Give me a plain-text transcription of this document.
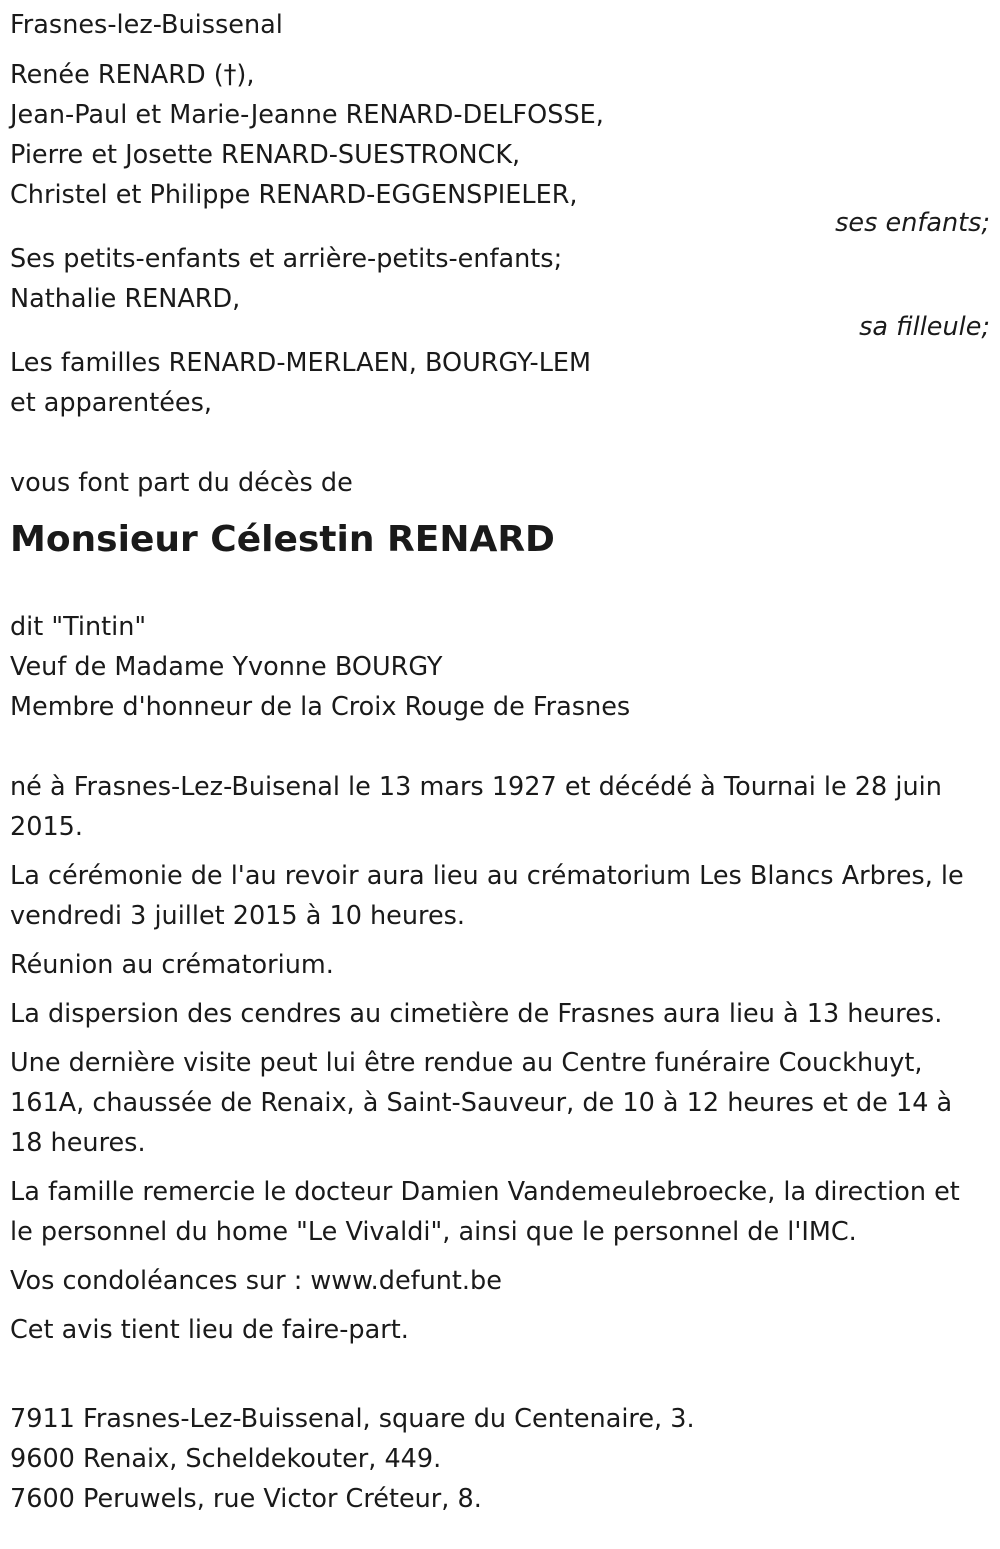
Frasnes-lez-Buissenal
Renée RENARD (†),
Jean-Paul et Marie-Jeanne RENARD-DELFOSSE,
Pierre et Josette RENARD-SUESTRONCK,
Christel et Philippe RENARD-EGGENSPIELER,
ses enfants;
Ses petits-enfants et arrière-petits-enfants;
Nathalie RENARD,
sa filleule;
Les familles RENARD-MERLAEN, BOURGY-LEM
et apparentées,
vous font part du décès de
Monsieur Célestin RENARD
dit "Tintin"
Veuf de Madame Yvonne BOURGY
Membre d'honneur de la Croix Rouge de Frasnes
né à Frasnes-Lez-Buisenal le 13 mars 1927 et décédé à Tournai le 28 juin 2015.
La cérémonie de l'au revoir aura lieu au crématorium Les Blancs Arbres, le vendredi 3 juillet 2015 à 10 heures.
Réunion au crématorium.
La dispersion des cendres au cimetière de Frasnes aura lieu à 13 heures.
Une dernière visite peut lui être rendue au Centre funéraire Couckhuyt, 161A, chaussée de Renaix, à Saint-Sauveur, de 10 à 12 heures et de 14 à 18 heures.
La famille remercie le docteur Damien Vandemeulebroecke, la direction et le personnel du home "Le Vivaldi", ainsi que le personnel de l'IMC.
Vos condoléances sur : www.defunt.be
Cet avis tient lieu de faire-part.
7911 Frasnes-Lez-Buissenal, square du Centenaire, 3.
9600 Renaix, Scheldekouter, 449.
7600 Peruwels, rue Victor Créteur, 8.
